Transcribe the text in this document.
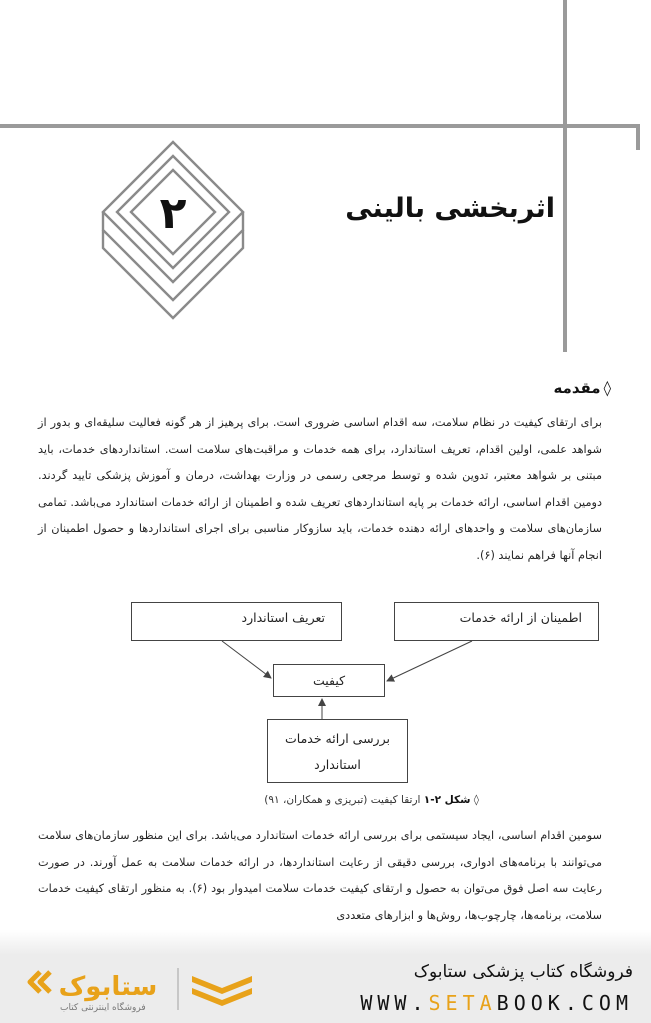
۲	اثربخشی بالینی
◊مقدمه
برای ارتقای کیفیت در نظام سلامت، سه اقدام اساسی ضروری است. برای پرهیز از هر گونه فعالیت سلیقه‌ای و بدور از شواهد علمی، اولین اقدام، تعریف استاندارد، برای همه خدمات و مراقبت‌های سلامت است. استانداردهای خدمات، باید مبتنی بر شواهد معتبر، تدوین شده و توسط مرجعی رسمی در وزارت بهداشت، درمان و آموزش پزشکی تایید گردند. دومین اقدام اساسی، ارائه خدمات بر پایه استانداردهای تعریف شده و اطمینان از ارائه خدمات استاندارد می‌باشد. تمامی سازمان‌های سلامت و واحدهای ارائه دهنده خدمات، باید سازوکار مناسبی برای اجرای استانداردها و حصول اطمینان از انجام آنها فراهم نمایند (۶).
تعریف استاندارد	اطمینان از ارائه خدمات
کیفیت
بررسی ارائه خدمات استاندارد
◊ شکل ۲-۱ ارتقا کیفیت (تبریزی و همکاران، ۹۱)
سومین اقدام اساسی، ایجاد سیستمی برای بررسی ارائه خدمات استاندارد می‌باشد. برای این منظور سازمان‌های سلامت می‌توانند با برنامه‌های ادواری، بررسی دقیقی از رعایت استانداردها، در ارائه خدمات سلامت به عمل آورند. در صورت رعایت سه اصل فوق می‌توان به حصول و ارتقای کیفیت خدمات سلامت امیدوار بود (۶). به منظور ارتقای کیفیت خدمات سلامت، برنامه‌ها، چارچوب‌ها، روش‌ها و ابزارهای متعددی
ستابوک
فروشگاه اینترنتی کتاب
فروشگاه کتاب پزشکی ستابوک
WWW.SETABOOK.COM
